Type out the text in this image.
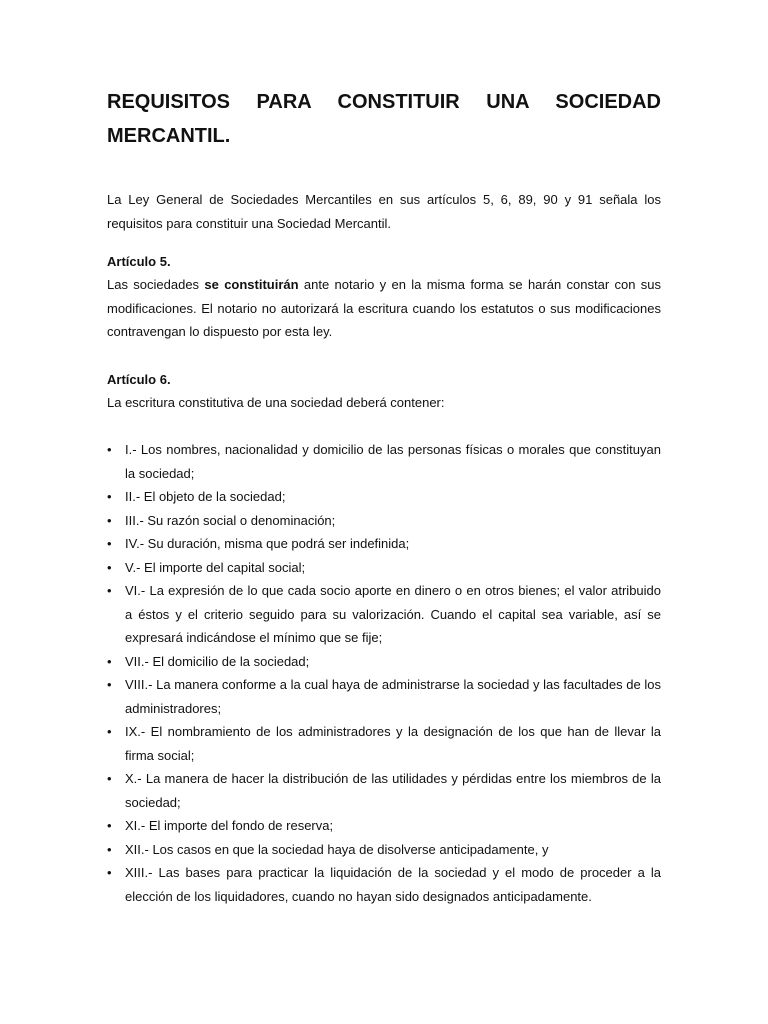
REQUISITOS PARA CONSTITUIR UNA SOCIEDAD
MERCANTIL.

La Ley General de Sociedades Mercantiles en sus artículos 5, 6, 89, 90 y 91 señala los requisitos para constituir una Sociedad Mercantil.

Artículo 5.

Las sociedades se constituirán ante notario y en la misma forma se harán constar con sus modificaciones. El notario no autorizará la escritura cuando los estatutos o sus modificaciones contravengan lo dispuesto por esta ley.

Artículo 6.

La escritura constitutiva de una sociedad deberá contener:

• I.- Los nombres, nacionalidad y domicilio de las personas físicas o morales que constituyan la sociedad;
• II.- El objeto de la sociedad;
• III.- Su razón social o denominación;
• IV.- Su duración, misma que podrá ser indefinida;
• V.- El importe del capital social;
• VI.- La expresión de lo que cada socio aporte en dinero o en otros bienes; el valor atribuido a éstos y el criterio seguido para su valorización. Cuando el capital sea variable, así se expresará indicándose el mínimo que se fije;
• VII.- El domicilio de la sociedad;
• VIII.- La manera conforme a la cual haya de administrarse la sociedad y las facultades de los administradores;
• IX.- El nombramiento de los administradores y la designación de los que han de llevar la firma social;
• X.- La manera de hacer la distribución de las utilidades y pérdidas entre los miembros de la sociedad;
• XI.- El importe del fondo de reserva;
• XII.- Los casos en que la sociedad haya de disolverse anticipadamente, y
• XIII.- Las bases para practicar la liquidación de la sociedad y el modo de proceder a la elección de los liquidadores, cuando no hayan sido designados anticipadamente.
